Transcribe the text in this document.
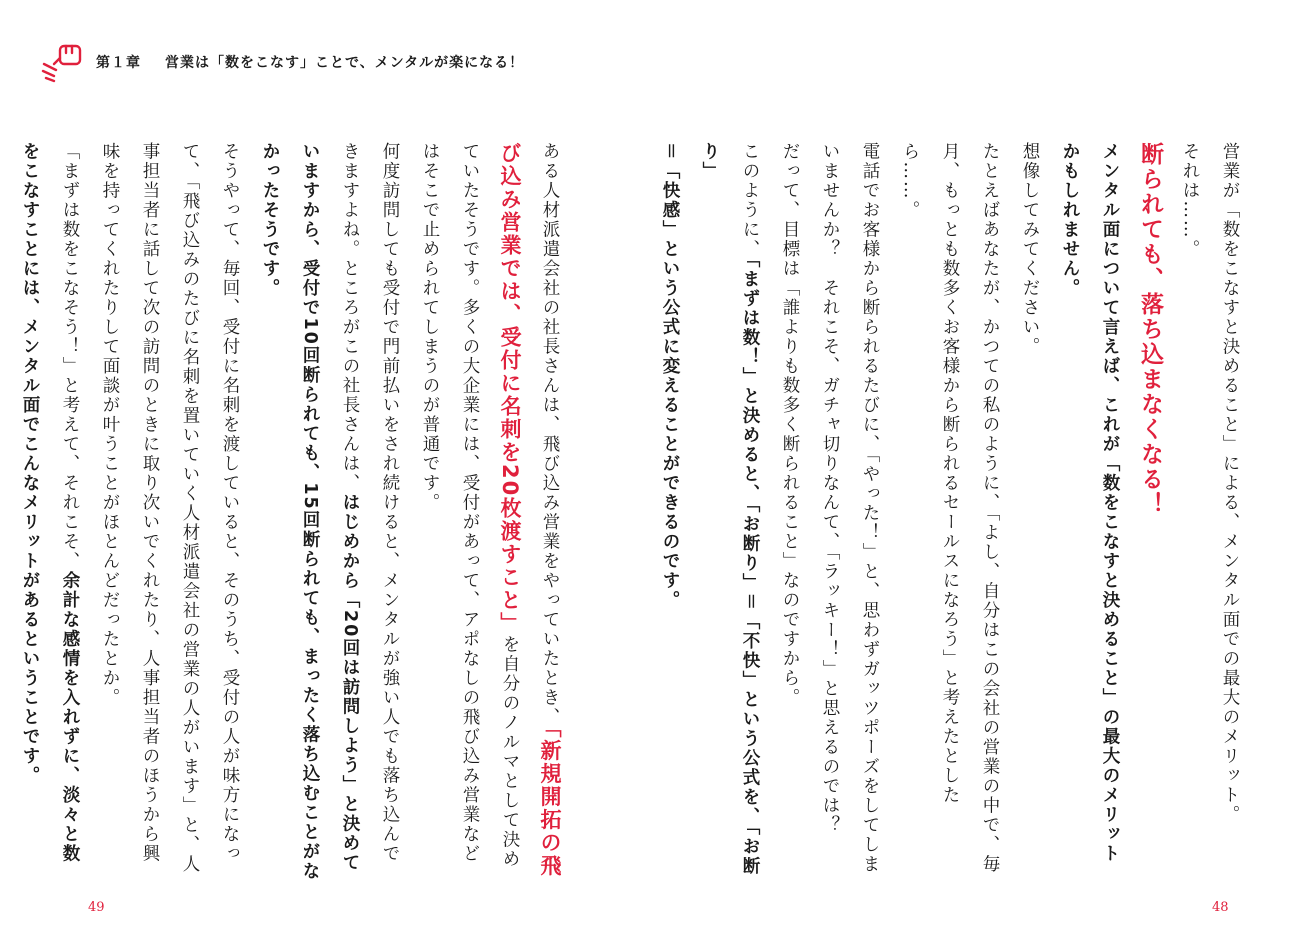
第１章 営業は「数をこなす」ことで、メンタルが楽になる！

営業が「数をこなすと決めること」による、メンタル面での最大のメリット。

それは……。

断られても、落ち込まなくなる！

メンタル面について言えば、これが「数をこなすと決めること」の最大のメリット
かもしれません。

想像してみてください。

たとえばあなたが、かつての私のように、「よし、自分はこの会社の営業の中で、毎月、もっとも数多くお客様から断られるセールスになろう」と考えたとしたら……。

電話でお客様から断られるたびに、「やった！」と、思わずガッツポーズをしてしまいませんか？　それこそ、ガチャ切りなんて、「ラッキー！」と思えるのでは？

だって、目標は「誰よりも数多く断られること」なのですから。

このように、「まずは数！」と決めると、「お断り」＝「不快」という公式を、「お断り」
＝「快感」という公式に変えることができるのです。

ある人材派遣会社の社長さんは、飛び込み営業をやっていたとき、「新規開拓の飛び込み営業では、受付に名刺を20枚渡すこと」を自分のノルマとして決めていたそうです。多くの大企業には、受付があって、アポなしの飛び込み営業などはそこで止められてしまうのが普通です。

何度訪問しても受付で門前払いをされ続けると、メンタルが強い人でも落ち込んできますよね。ところがこの社長さんは、はじめから「20回は訪問しよう」と決めていますから、受付で10回断られても、15回断られても、まったく落ち込むことがなかったそうです。

そうやって、毎回、受付に名刺を渡していると、そのうち、受付の人が味方になって、「飛び込みのたびに名刺を置いていく人材派遣会社の営業の人がいます」と、人事担当者に話して次の訪問のときに取り次いでくれたり、人事担当者のほうから興味を持ってくれたりして面談が叶うことがほとんどだったとか。

「まずは数をこなそう！」と考えて、それこそ、余計な感情を入れずに、淡々と数をこなすことには、メンタル面でこんなメリットがあるということです。

49	48
